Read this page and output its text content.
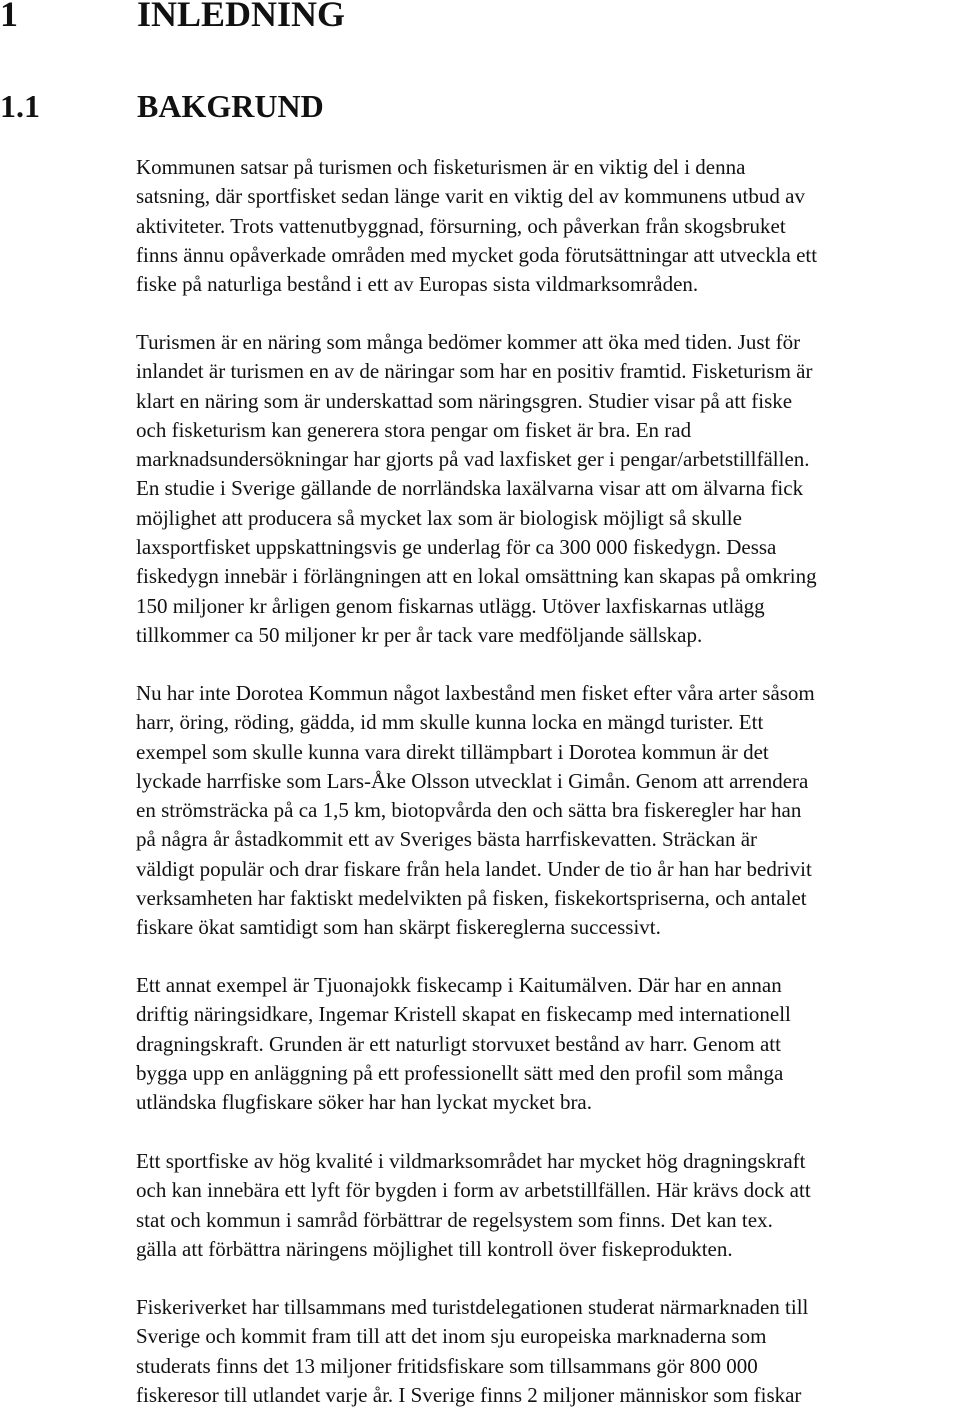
1	INLEDNING
1.1	BAKGRUND

Kommunen satsar på turismen och fisketurismen är en viktig del i denna
satsning, där sportfisket sedan länge varit en viktig del av kommunens utbud av
aktiviteter. Trots vattenutbyggnad, försurning, och påverkan från skogsbruket
finns ännu opåverkade områden med mycket goda förutsättningar att utveckla ett
fiske på naturliga bestånd i ett av Europas sista vildmarksområden.

Turismen är en näring som många bedömer kommer att öka med tiden. Just för
inlandet är turismen en av de näringar som har en positiv framtid. Fisketurism är
klart en näring som är underskattad som näringsgren. Studier visar på att fiske
och fisketurism kan generera stora pengar om fisket är bra. En rad
marknadsundersökningar har gjorts på vad laxfisket ger i pengar/arbetstillfällen.
En studie i Sverige gällande de norrländska laxälvarna visar att om älvarna fick
möjlighet att producera så mycket lax som är biologisk möjligt så skulle
laxsportfisket uppskattningsvis ge underlag för ca 300 000 fiskedygn. Dessa
fiskedygn innebär i förlängningen att en lokal omsättning kan skapas på omkring
150 miljoner kr årligen genom fiskarnas utlägg. Utöver laxfiskarnas utlägg
tillkommer ca 50 miljoner kr per år tack vare medföljande sällskap.

Nu har inte Dorotea Kommun något laxbestånd men fisket efter våra arter såsom
harr, öring, röding, gädda, id mm skulle kunna locka en mängd turister. Ett
exempel som skulle kunna vara direkt tillämpbart i Dorotea kommun är det
lyckade harrfiske som Lars-Åke Olsson utvecklat i Gimån. Genom att arrendera
en strömsträcka på ca 1,5 km, biotopvårda den och sätta bra fiskeregler har han
på några år åstadkommit ett av Sveriges bästa harrfiskevatten. Sträckan är
väldigt populär och drar fiskare från hela landet. Under de tio år han har bedrivit
verksamheten har faktiskt medelvikten på fisken, fiskekortspriserna, och antalet
fiskare ökat samtidigt som han skärpt fiskereglerna successivt.

Ett annat exempel är Tjuonajokk fiskecamp i Kaitumälven. Där har en annan
driftig näringsidkare, Ingemar Kristell skapat en fiskecamp med internationell
dragningskraft. Grunden är ett naturligt storvuxet bestånd av harr. Genom att
bygga upp en anläggning på ett professionellt sätt med den profil som många
utländska flugfiskare söker har han lyckat mycket bra.

Ett sportfiske av hög kvalité i vildmarksområdet har mycket hög dragningskraft
och kan innebära ett lyft för bygden i form av arbetstillfällen. Här krävs dock att
stat och kommun i samråd förbättrar de regelsystem som finns. Det kan tex.
gälla att förbättra näringens möjlighet till kontroll över fiskeprodukten.

Fiskeriverket har tillsammans med turistdelegationen studerat närmarknaden till
Sverige och kommit fram till att det inom sju europeiska marknaderna som
studerats finns det 13 miljoner fritidsfiskare som tillsammans gör 800 000
fiskeresor till utlandet varje år. I Sverige finns 2 miljoner människor som fiskar
